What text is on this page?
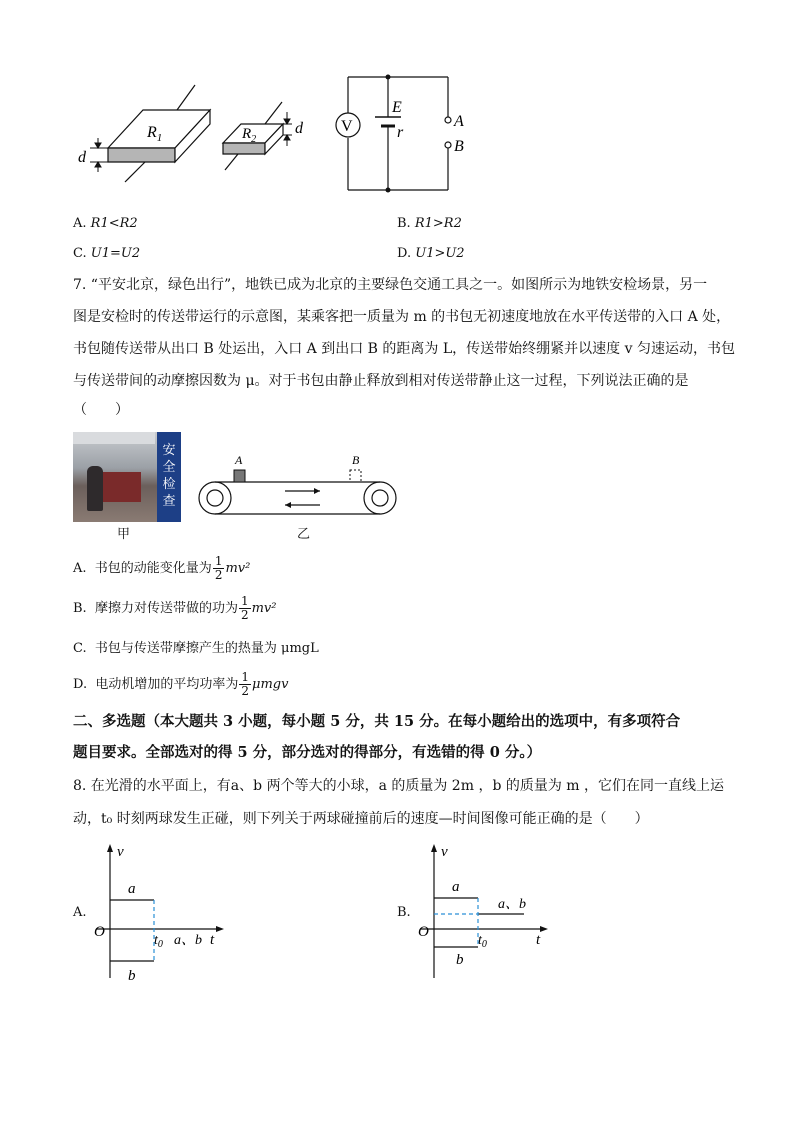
$R_1$
d
$R_2$
d V
E
r
A
B
A. R1<R2	B. R1>R2
C. U1=U2	D. U1>U2
7. “平安北京，绿色出行”，地铁已成为北京的主要绿色交通工具之一。如图所示为地铁安检场景，另一
图是安检时的传送带运行的示意图，某乘客把一质量为 m 的书包无初速度地放在水平传送带的入口 A 处，
书包随传送带从出口 B 处运出，入口 A 到出口 B 的距离为 L，传送带始终绷紧并以速度 v 匀速运动，书包
与传送带间的动摩擦因数为 μ。对于书包由静止释放到相对传送带静止这一过程，下列说法正确的是
（　　）
安
全
检
查
甲
A	B
乙
A. 书包的动能变化量为 $\frac{1}{2} mv^2$
B. 摩擦力对传送带做的功为 $\frac{1}{2} mv^2$
C. 书包与传送带摩擦产生的热量为 μmgL
D. 电动机增加的平均功率为 $\frac{1}{2}$ μmgv
二、多选题（本大题共 3 小题，每小题 5 分，共 15 分。在每小题给出的选项中，有多项符合
题目要求。全部选对的得 5 分，部分选对的得部分，有选错的得 0 分。）
8. 在光滑的水平面上，有a、b 两个等大的小球，a 的质量为 2m ，b 的质量为 m ，它们在同一直线上运
动，t₀ 时刻两球发生正碰，则下列关于两球碰撞前后的速度—时间图像可能正确的是（　　）
A.
v
O	t
a
b
$t_0$ a、b
B.
v
O	t
a
b
$t_0$
a、b
